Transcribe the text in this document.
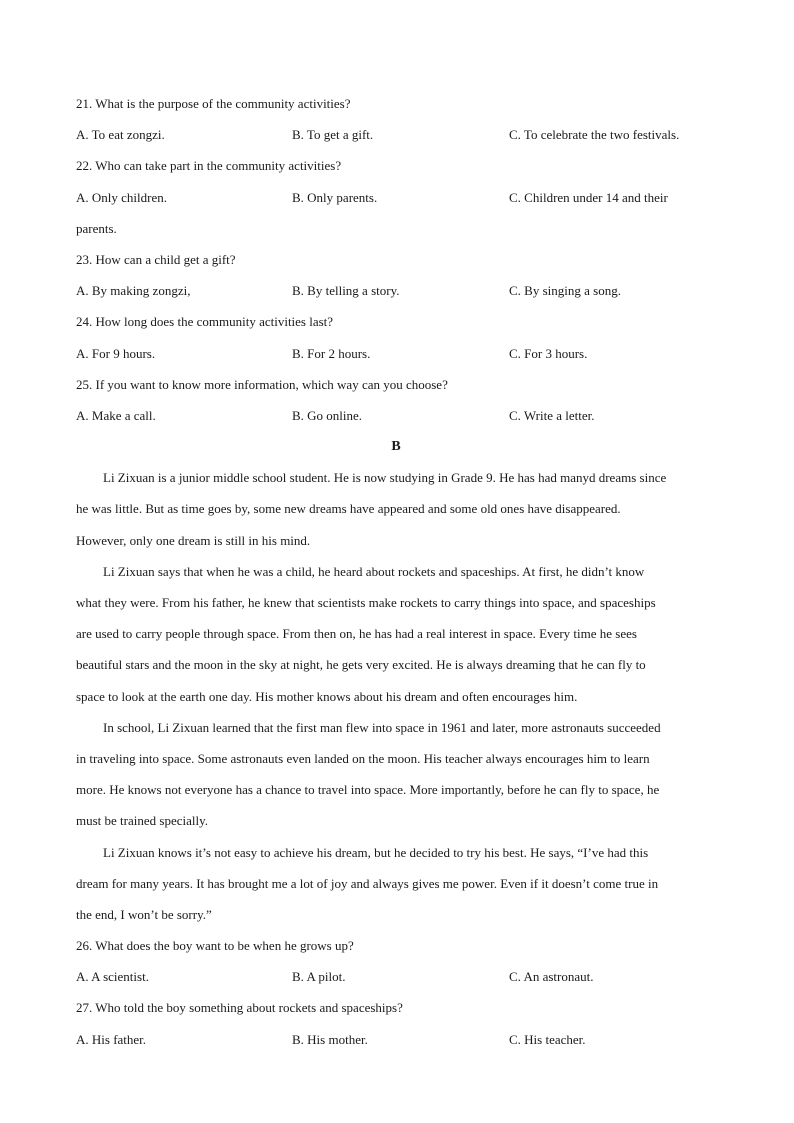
21. What is the purpose of the community activities?
A. To eat zongzi.	B. To get a gift.	C. To celebrate the two festivals.
22. Who can take part in the community activities?
A. Only children.	B. Only parents.	C. Children under 14 and their
parents.
23. How can a child get a gift?
A. By making zongzi,	B. By telling a story.	C. By singing a song.
24. How long does the community activities last?
A. For 9 hours.	B. For 2 hours.	C. For 3 hours.
25. If you want to know more information, which way can you choose?
A. Make a call.	B. Go online.	C. Write a letter.
B
Li Zixuan is a junior middle school student. He is now studying in Grade 9. He has had manyd dreams since
he was little. But as time goes by, some new dreams have appeared and some old ones have disappeared.
However, only one dream is still in his mind.
Li Zixuan says that when he was a child, he heard about rockets and spaceships. At first, he didn’t know
what they were. From his father, he knew that scientists make rockets to carry things into space, and spaceships
are used to carry people through space. From then on, he has had a real interest in space. Every time he sees
beautiful stars and the moon in the sky at night, he gets very excited. He is always dreaming that he can fly to
space to look at the earth one day. His mother knows about his dream and often encourages him.
In school, Li Zixuan learned that the first man flew into space in 1961 and later, more astronauts succeeded
in traveling into space. Some astronauts even landed on the moon. His teacher always encourages him to learn
more. He knows not everyone has a chance to travel into space. More importantly, before he can fly to space, he
must be trained specially.
Li Zixuan knows it’s not easy to achieve his dream, but he decided to try his best. He says, “I’ve had this
dream for many years. It has brought me a lot of joy and always gives me power. Even if it doesn’t come true in
the end, I won’t be sorry.”
26. What does the boy want to be when he grows up?
A. A scientist.	B. A pilot.	C. An astronaut.
27. Who told the boy something about rockets and spaceships?
A. His father.	B. His mother.	C. His teacher.
